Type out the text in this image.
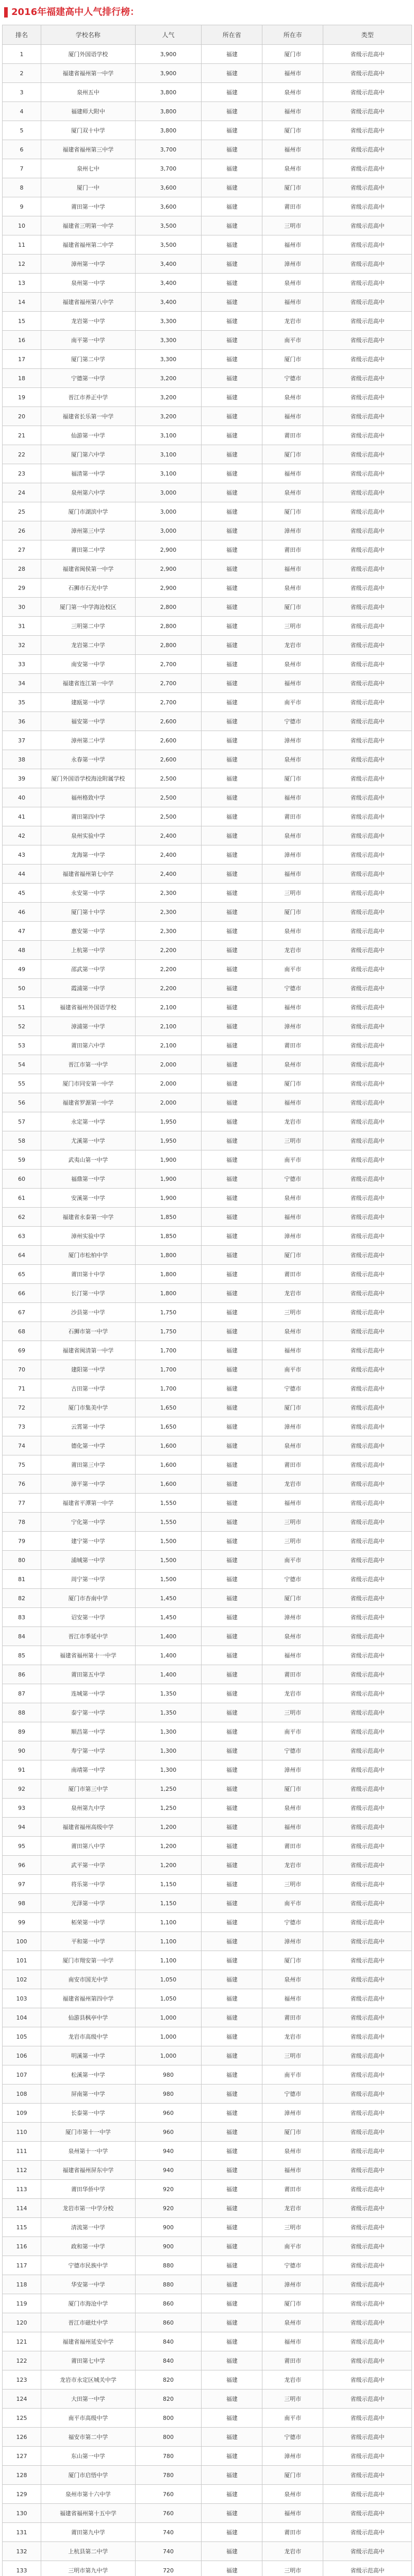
2016年福建高中人气排行榜：
排名	学校名称	人气	所在省	所在市	类型
1	厦门外国语学校	3,900	福建	厦门市	省级示范高中
2	福建省福州第一中学	3,900	福建	福州市	省级示范高中
3	泉州五中	3,800	福建	泉州市	省级示范高中
4	福建师大附中	3,800	福建	福州市	省级示范高中
5	厦门双十中学	3,800	福建	厦门市	省级示范高中
6	福建省福州第三中学	3,700	福建	福州市	省级示范高中
7	泉州七中	3,700	福建	泉州市	省级示范高中
8	厦门一中	3,600	福建	厦门市	省级示范高中
9	莆田第一中学	3,600	福建	莆田市	省级示范高中
10	福建省三明第一中学	3,500	福建	三明市	省级示范高中
11	福建省福州第二中学	3,500	福建	福州市	省级示范高中
12	漳州第一中学	3,400	福建	漳州市	省级示范高中
13	泉州第一中学	3,400	福建	泉州市	省级示范高中
14	福建省福州第八中学	3,400	福建	福州市	省级示范高中
15	龙岩第一中学	3,300	福建	龙岩市	省级示范高中
16	南平第一中学	3,300	福建	南平市	省级示范高中
17	厦门第二中学	3,300	福建	厦门市	省级示范高中
18	宁德第一中学	3,200	福建	宁德市	省级示范高中
19	晋江市养正中学	3,200	福建	泉州市	省级示范高中
20	福建省长乐第一中学	3,200	福建	福州市	省级示范高中
21	仙游第一中学	3,100	福建	莆田市	省级示范高中
22	厦门第六中学	3,100	福建	厦门市	省级示范高中
23	福清第一中学	3,100	福建	福州市	省级示范高中
24	泉州第六中学	3,000	福建	泉州市	省级示范高中
25	厦门市湖滨中学	3,000	福建	厦门市	省级示范高中
26	漳州第三中学	3,000	福建	漳州市	省级示范高中
27	莆田第二中学	2,900	福建	莆田市	省级示范高中
28	福建省闽侯第一中学	2,900	福建	福州市	省级示范高中
29	石狮市石光中学	2,900	福建	泉州市	省级示范高中
30	厦门第一中学海沧校区	2,800	福建	厦门市	省级示范高中
31	三明第二中学	2,800	福建	三明市	省级示范高中
32	龙岩第二中学	2,800	福建	龙岩市	省级示范高中
33	南安第一中学	2,700	福建	泉州市	省级示范高中
34	福建省连江第一中学	2,700	福建	福州市	省级示范高中
35	建瓯第一中学	2,700	福建	南平市	省级示范高中
36	福安第一中学	2,600	福建	宁德市	省级示范高中
37	漳州第二中学	2,600	福建	漳州市	省级示范高中
38	永春第一中学	2,600	福建	泉州市	省级示范高中
39	厦门外国语学校海沧附属学校	2,500	福建	厦门市	省级示范高中
40	福州格致中学	2,500	福建	福州市	省级示范高中
41	莆田第四中学	2,500	福建	莆田市	省级示范高中
42	泉州实验中学	2,400	福建	泉州市	省级示范高中
43	龙海第一中学	2,400	福建	漳州市	省级示范高中
44	福建省福州第七中学	2,400	福建	福州市	省级示范高中
45	永安第一中学	2,300	福建	三明市	省级示范高中
46	厦门第十中学	2,300	福建	厦门市	省级示范高中
47	惠安第一中学	2,300	福建	泉州市	省级示范高中
48	上杭第一中学	2,200	福建	龙岩市	省级示范高中
49	邵武第一中学	2,200	福建	南平市	省级示范高中
50	霞浦第一中学	2,200	福建	宁德市	省级示范高中
51	福建省福州外国语学校	2,100	福建	福州市	省级示范高中
52	漳浦第一中学	2,100	福建	漳州市	省级示范高中
53	莆田第六中学	2,100	福建	莆田市	省级示范高中
54	晋江市第一中学	2,000	福建	泉州市	省级示范高中
55	厦门市同安第一中学	2,000	福建	厦门市	省级示范高中
56	福建省罗源第一中学	2,000	福建	福州市	省级示范高中
57	永定第一中学	1,950	福建	龙岩市	省级示范高中
58	尤溪第一中学	1,950	福建	三明市	省级示范高中
59	武夷山第一中学	1,900	福建	南平市	省级示范高中
60	福鼎第一中学	1,900	福建	宁德市	省级示范高中
61	安溪第一中学	1,900	福建	泉州市	省级示范高中
62	福建省永泰第一中学	1,850	福建	福州市	省级示范高中
63	漳州实验中学	1,850	福建	漳州市	省级示范高中
64	厦门市松柏中学	1,800	福建	厦门市	省级示范高中
65	莆田第十中学	1,800	福建	莆田市	省级示范高中
66	长汀第一中学	1,800	福建	龙岩市	省级示范高中
67	沙县第一中学	1,750	福建	三明市	省级示范高中
68	石狮市第一中学	1,750	福建	泉州市	省级示范高中
69	福建省闽清第一中学	1,700	福建	福州市	省级示范高中
70	建阳第一中学	1,700	福建	南平市	省级示范高中
71	古田第一中学	1,700	福建	宁德市	省级示范高中
72	厦门市集美中学	1,650	福建	厦门市	省级示范高中
73	云霄第一中学	1,650	福建	漳州市	省级示范高中
74	德化第一中学	1,600	福建	泉州市	省级示范高中
75	莆田第三中学	1,600	福建	莆田市	省级示范高中
76	漳平第一中学	1,600	福建	龙岩市	省级示范高中
77	福建省平潭第一中学	1,550	福建	福州市	省级示范高中
78	宁化第一中学	1,550	福建	三明市	省级示范高中
79	建宁第一中学	1,500	福建	三明市	省级示范高中
80	浦城第一中学	1,500	福建	南平市	省级示范高中
81	周宁第一中学	1,500	福建	宁德市	省级示范高中
82	厦门市杏南中学	1,450	福建	厦门市	省级示范高中
83	诏安第一中学	1,450	福建	漳州市	省级示范高中
84	晋江市季延中学	1,400	福建	泉州市	省级示范高中
85	福建省福州第十一中学	1,400	福建	福州市	省级示范高中
86	莆田第五中学	1,400	福建	莆田市	省级示范高中
87	连城第一中学	1,350	福建	龙岩市	省级示范高中
88	泰宁第一中学	1,350	福建	三明市	省级示范高中
89	顺昌第一中学	1,300	福建	南平市	省级示范高中
90	寿宁第一中学	1,300	福建	宁德市	省级示范高中
91	南靖第一中学	1,300	福建	漳州市	省级示范高中
92	厦门市第三中学	1,250	福建	厦门市	省级示范高中
93	泉州第九中学	1,250	福建	泉州市	省级示范高中
94	福建省福州高级中学	1,200	福建	福州市	省级示范高中
95	莆田第八中学	1,200	福建	莆田市	省级示范高中
96	武平第一中学	1,200	福建	龙岩市	省级示范高中
97	将乐第一中学	1,150	福建	三明市	省级示范高中
98	光泽第一中学	1,150	福建	南平市	省级示范高中
99	柘荣第一中学	1,100	福建	宁德市	省级示范高中
100	平和第一中学	1,100	福建	漳州市	省级示范高中
101	厦门市翔安第一中学	1,100	福建	厦门市	省级示范高中
102	南安市国光中学	1,050	福建	泉州市	省级示范高中
103	福建省福州第四中学	1,050	福建	福州市	省级示范高中
104	仙游县枫亭中学	1,000	福建	莆田市	省级示范高中
105	龙岩市高级中学	1,000	福建	龙岩市	省级示范高中
106	明溪第一中学	1,000	福建	三明市	省级示范高中
107	松溪第一中学	980	福建	南平市	省级示范高中
108	屏南第一中学	980	福建	宁德市	省级示范高中
109	长泰第一中学	960	福建	漳州市	省级示范高中
110	厦门市第十一中学	960	福建	厦门市	省级示范高中
111	泉州第十一中学	940	福建	泉州市	省级示范高中
112	福建省福州屏东中学	940	福建	福州市	省级示范高中
113	莆田华侨中学	920	福建	莆田市	省级示范高中
114	龙岩市第一中学分校	920	福建	龙岩市	省级示范高中
115	清流第一中学	900	福建	三明市	省级示范高中
116	政和第一中学	900	福建	南平市	省级示范高中
117	宁德市民族中学	880	福建	宁德市	省级示范高中
118	华安第一中学	880	福建	漳州市	省级示范高中
119	厦门市海沧中学	860	福建	厦门市	省级示范高中
120	晋江市磁灶中学	860	福建	泉州市	省级示范高中
121	福建省福州延安中学	840	福建	福州市	省级示范高中
122	莆田第七中学	840	福建	莆田市	省级示范高中
123	龙岩市永定区城关中学	820	福建	龙岩市	省级示范高中
124	大田第一中学	820	福建	三明市	省级示范高中
125	南平市高级中学	800	福建	南平市	省级示范高中
126	福安市第二中学	800	福建	宁德市	省级示范高中
127	东山第一中学	780	福建	漳州市	省级示范高中
128	厦门市启悟中学	780	福建	厦门市	省级示范高中
129	泉州市第十六中学	760	福建	泉州市	省级示范高中
130	福建省福州第十五中学	760	福建	福州市	省级示范高中
131	莆田第九中学	740	福建	莆田市	省级示范高中
132	上杭县第二中学	740	福建	龙岩市	省级示范高中
133	三明市第九中学	720	福建	三明市	省级示范高中
